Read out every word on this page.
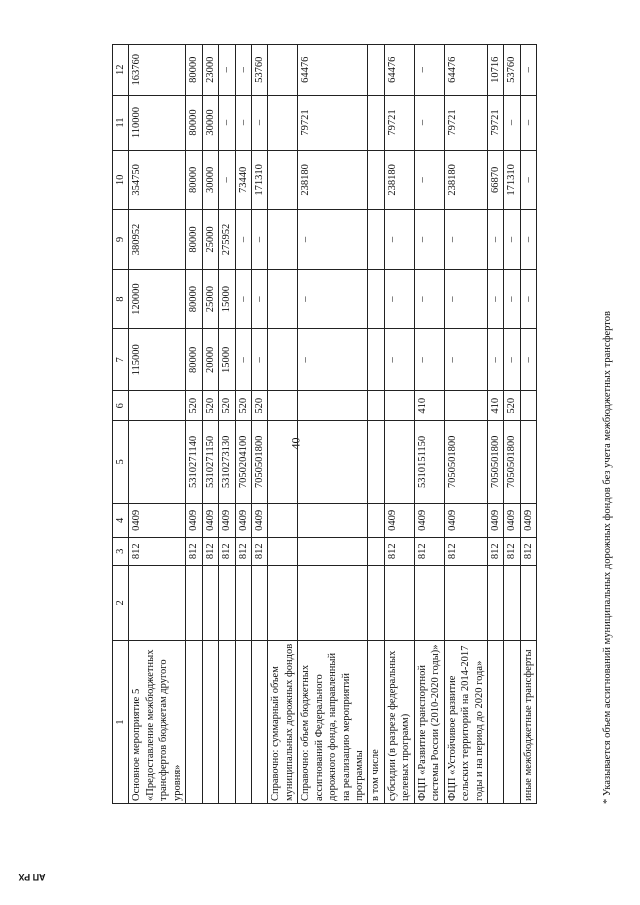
40
АП РХ
1	2	3	4	5	6	7	8	9	10	11	12
Основное мероприятие 5 «Предоставление межбюджетных трансфертов бюджетам другого уровня»		812	0409			115000	120000	380952	354750	110000	163760
		812	0409	5310271140	520	80000	80000	80000	80000	80000	80000
		812	0409	5310271150	520	20000	25000	25000	30000	30000	23000
		812	0409	5310273130	520	15000	15000	275952	–	–	–
		812	0409	7050204100	520	–	–	–	73440	–	–
		812	0409	7050501800	520	–	–	–	171310	–	53760
Справочно: суммарный объем муниципальных дорожных фондов											
Справочно: объем бюджетных ассигнований Федерального дорожного фонда, направленный на реализацию мероприятий программы						–	–	–	238180	79721	64476
в том числе											
субсидии (в разрезе федеральных целевых программ)		812	0409			–	–	–	238180	79721	64476
ФЦП «Развитие транспортной системы России (2010-2020 годы)»		812	0409	5310151150	410	–	–	–	–	–	–
ФЦП «Устойчивое развитие сельских территорий на 2014-2017 годы и на период до 2020 года»		812	0409	7050501800		–	–	–	238180	79721	64476
		812	0409	7050501800	410	–	–	–	66870	79721	10716
		812	0409	7050501800	520	–	–	–	171310	–	53760
иные межбюджетные трансферты		812	0409			–	–	–	–	–	–
* Указывается объем ассигнований муниципальных дорожных фондов без учета межбюджетных трансфертов
